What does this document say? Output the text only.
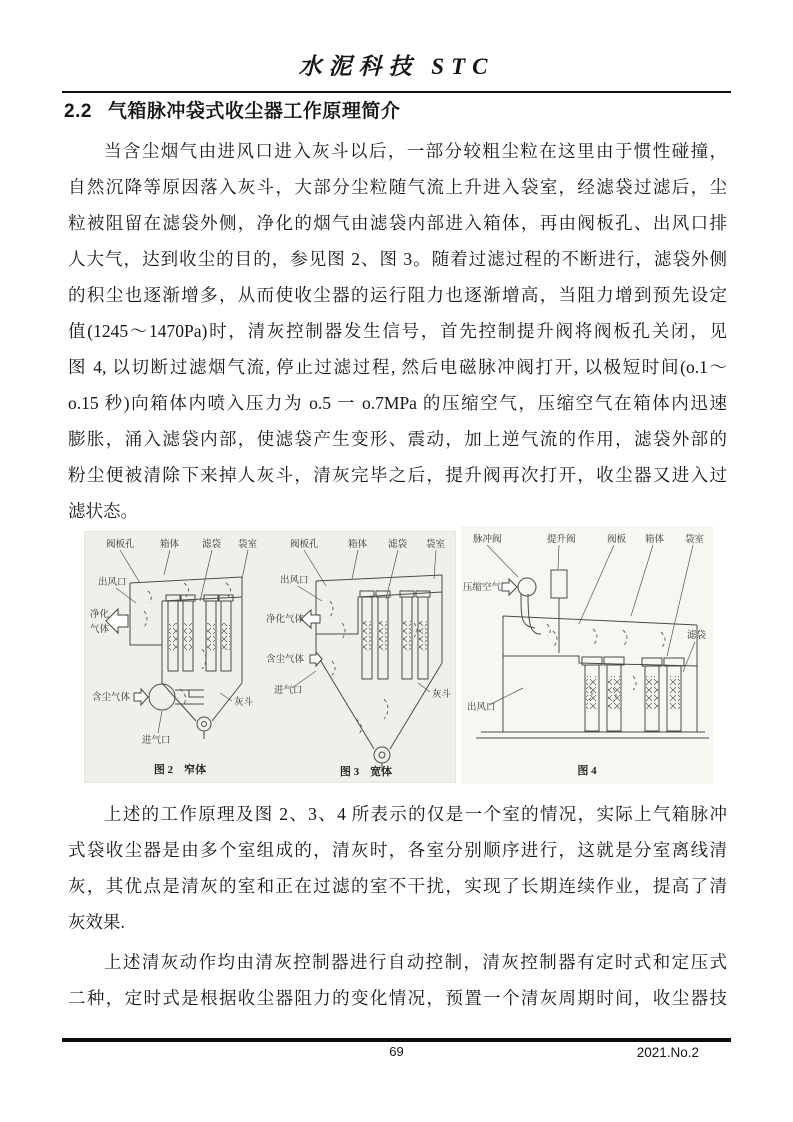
水泥科技 STC
2.2 气箱脉冲袋式收尘器工作原理简介
当含尘烟气由进风口进入灰斗以后，一部分较粗尘粒在这里由于惯性碰撞，
自然沉降等原因落入灰斗，大部分尘粒随气流上升进入袋室，经滤袋过滤后，尘
粒被阻留在滤袋外侧，净化的烟气由滤袋内部进入箱体，再由阀板孔、出风口排
人大气，达到收尘的目的，参见图 2、图 3。随着过滤过程的不断进行，滤袋外侧
的积尘也逐渐增多，从而使收尘器的运行阻力也逐渐增高，当阻力增到预先设定
值(1245～1470Pa)时，清灰控制器发生信号，首先控制提升阀将阀板孔关闭，见
图 4, 以切断过滤烟气流, 停止过滤过程, 然后电磁脉冲阀打开, 以极短时间(o.1～
o.15 秒)向箱体内喷入压力为 o.5 一 o.7MPa 的压缩空气，压缩空气在箱体内迅速
膨胀，涌入滤袋内部，使滤袋产生变形、震动，加上逆气流的作用，滤袋外部的
粉尘便被清除下来掉人灰斗，清灰完毕之后，提升阀再次打开，收尘器又进入过
滤状态。
阀板孔	箱体 滤袋 袋室
净化
气体
含尘气体
出风口
进气口
灰斗
图 2　窄体
阀板孔	箱体 滤袋 袋室
净化气体
含尘气体
出风口
进气口	灰斗
图 3　宽体
脉冲阀	提升阀	阀板 箱体 袋室
压缩空气
出风口
滤袋
图 4
上述的工作原理及图 2、3、4 所表示的仅是一个室的情况，实际上气箱脉冲
式袋收尘器是由多个室组成的，清灰时，各室分别顺序进行，这就是分室离线清
灰，其优点是清灰的室和正在过滤的室不干扰，实现了长期连续作业，提高了清
灰效果.
上述清灰动作均由清灰控制器进行自动控制，清灰控制器有定时式和定压式
二种，定时式是根据收尘器阻力的变化情况，预置一个清灰周期时间，收尘器技
69	2021.No.2
